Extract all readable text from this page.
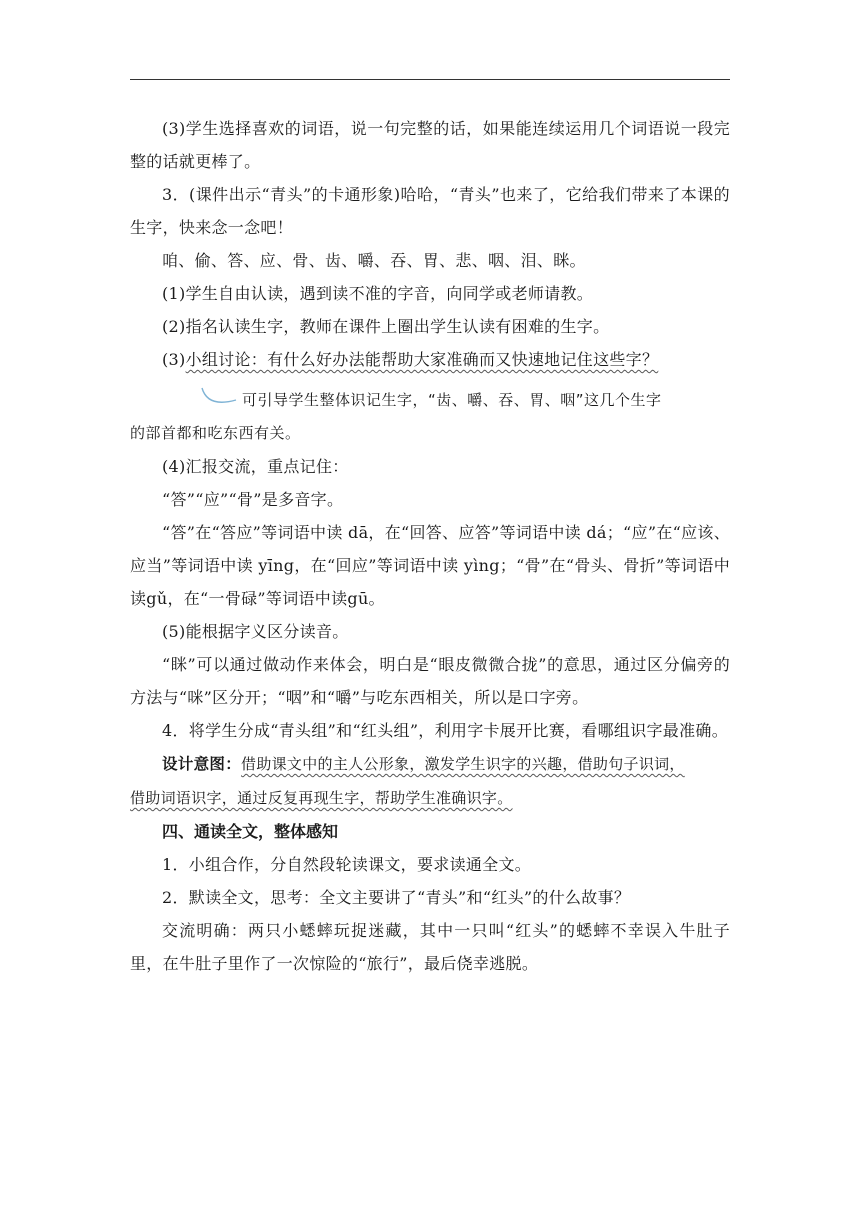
(3)学生选择喜欢的词语，说一句完整的话，如果能连续运用几个词语说一段完整的话就更棒了。

3．(课件出示“青头”的卡通形象)哈哈，“青头”也来了，它给我们带来了本课的生字，快来念一念吧！

咱、偷、答、应、骨、齿、嚼、吞、胃、悲、咽、泪、眯。

(1)学生自由认读，遇到读不准的字音，向同学或老师请教。

(2)指名认读生字，教师在课件上圈出学生认读有困难的生字。

(3)小组讨论：有什么好办法能帮助大家准确而又快速地记住这些字？

可引导学生整体识记生字，“齿、嚼、吞、胃、咽”这几个生字

的部首都和吃东西有关。

(4)汇报交流，重点记住：

“答”“应”“骨”是多音字。

“答”在“答应”等词语中读 dā，在“回答、应答”等词语中读 dá；“应”在“应该、应当”等词语中读 yīng，在“回应”等词语中读 yìng；“骨”在“骨头、骨折”等词语中读gǔ，在“一骨碌”等词语中读gū。

(5)能根据字义区分读音。

“眯”可以通过做动作来体会，明白是“眼皮微微合拢”的意思，通过区分偏旁的方法与“咪”区分开；“咽”和“嚼”与吃东西相关，所以是口字旁。

4．将学生分成“青头组”和“红头组”，利用字卡展开比赛，看哪组识字最准确。

设计意图：借助课文中的主人公形象，激发学生识字的兴趣，借助句子识词，

借助词语识字，通过反复再现生字，帮助学生准确识字。

四、通读全文，整体感知

1．小组合作，分自然段轮读课文，要求读通全文。

2．默读全文，思考：全文主要讲了“青头”和“红头”的什么故事？

交流明确：两只小蟋蟀玩捉迷藏，其中一只叫“红头”的蟋蟀不幸误入牛肚子里，在牛肚子里作了一次惊险的“旅行”，最后侥幸逃脱。
